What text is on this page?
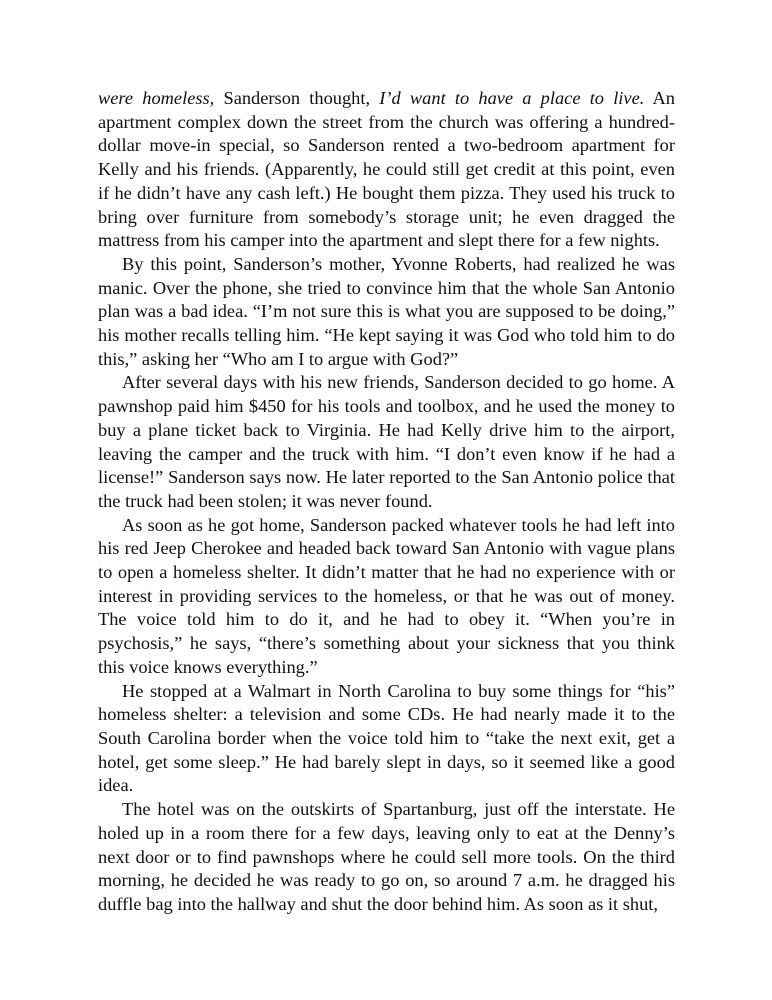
were homeless, Sanderson thought, I’d want to have a place to live. An apartment complex down the street from the church was offering a hundred-dollar move-in special, so Sanderson rented a two-bedroom apartment for Kelly and his friends. (Apparently, he could still get credit at this point, even if he didn’t have any cash left.) He bought them pizza. They used his truck to bring over furniture from somebody’s storage unit; he even dragged the mattress from his camper into the apartment and slept there for a few nights.

By this point, Sanderson’s mother, Yvonne Roberts, had realized he was manic. Over the phone, she tried to convince him that the whole San Antonio plan was a bad idea. “I’m not sure this is what you are supposed to be doing,” his mother recalls telling him. “He kept saying it was God who told him to do this,” asking her “Who am I to argue with God?”

After several days with his new friends, Sanderson decided to go home. A pawnshop paid him $450 for his tools and toolbox, and he used the money to buy a plane ticket back to Virginia. He had Kelly drive him to the airport, leaving the camper and the truck with him. “I don’t even know if he had a license!” Sanderson says now. He later reported to the San Antonio police that the truck had been stolen; it was never found.

As soon as he got home, Sanderson packed whatever tools he had left into his red Jeep Cherokee and headed back toward San Antonio with vague plans to open a homeless shelter. It didn’t matter that he had no experience with or interest in providing services to the homeless, or that he was out of money. The voice told him to do it, and he had to obey it. “When you’re in psychosis,” he says, “there’s something about your sickness that you think this voice knows everything.”

He stopped at a Walmart in North Carolina to buy some things for “his” homeless shelter: a television and some CDs. He had nearly made it to the South Carolina border when the voice told him to “take the next exit, get a hotel, get some sleep.” He had barely slept in days, so it seemed like a good idea.

The hotel was on the outskirts of Spartanburg, just off the interstate. He holed up in a room there for a few days, leaving only to eat at the Denny’s next door or to find pawnshops where he could sell more tools. On the third morning, he decided he was ready to go on, so around 7 a.m. he dragged his duffle bag into the hallway and shut the door behind him. As soon as it shut,
